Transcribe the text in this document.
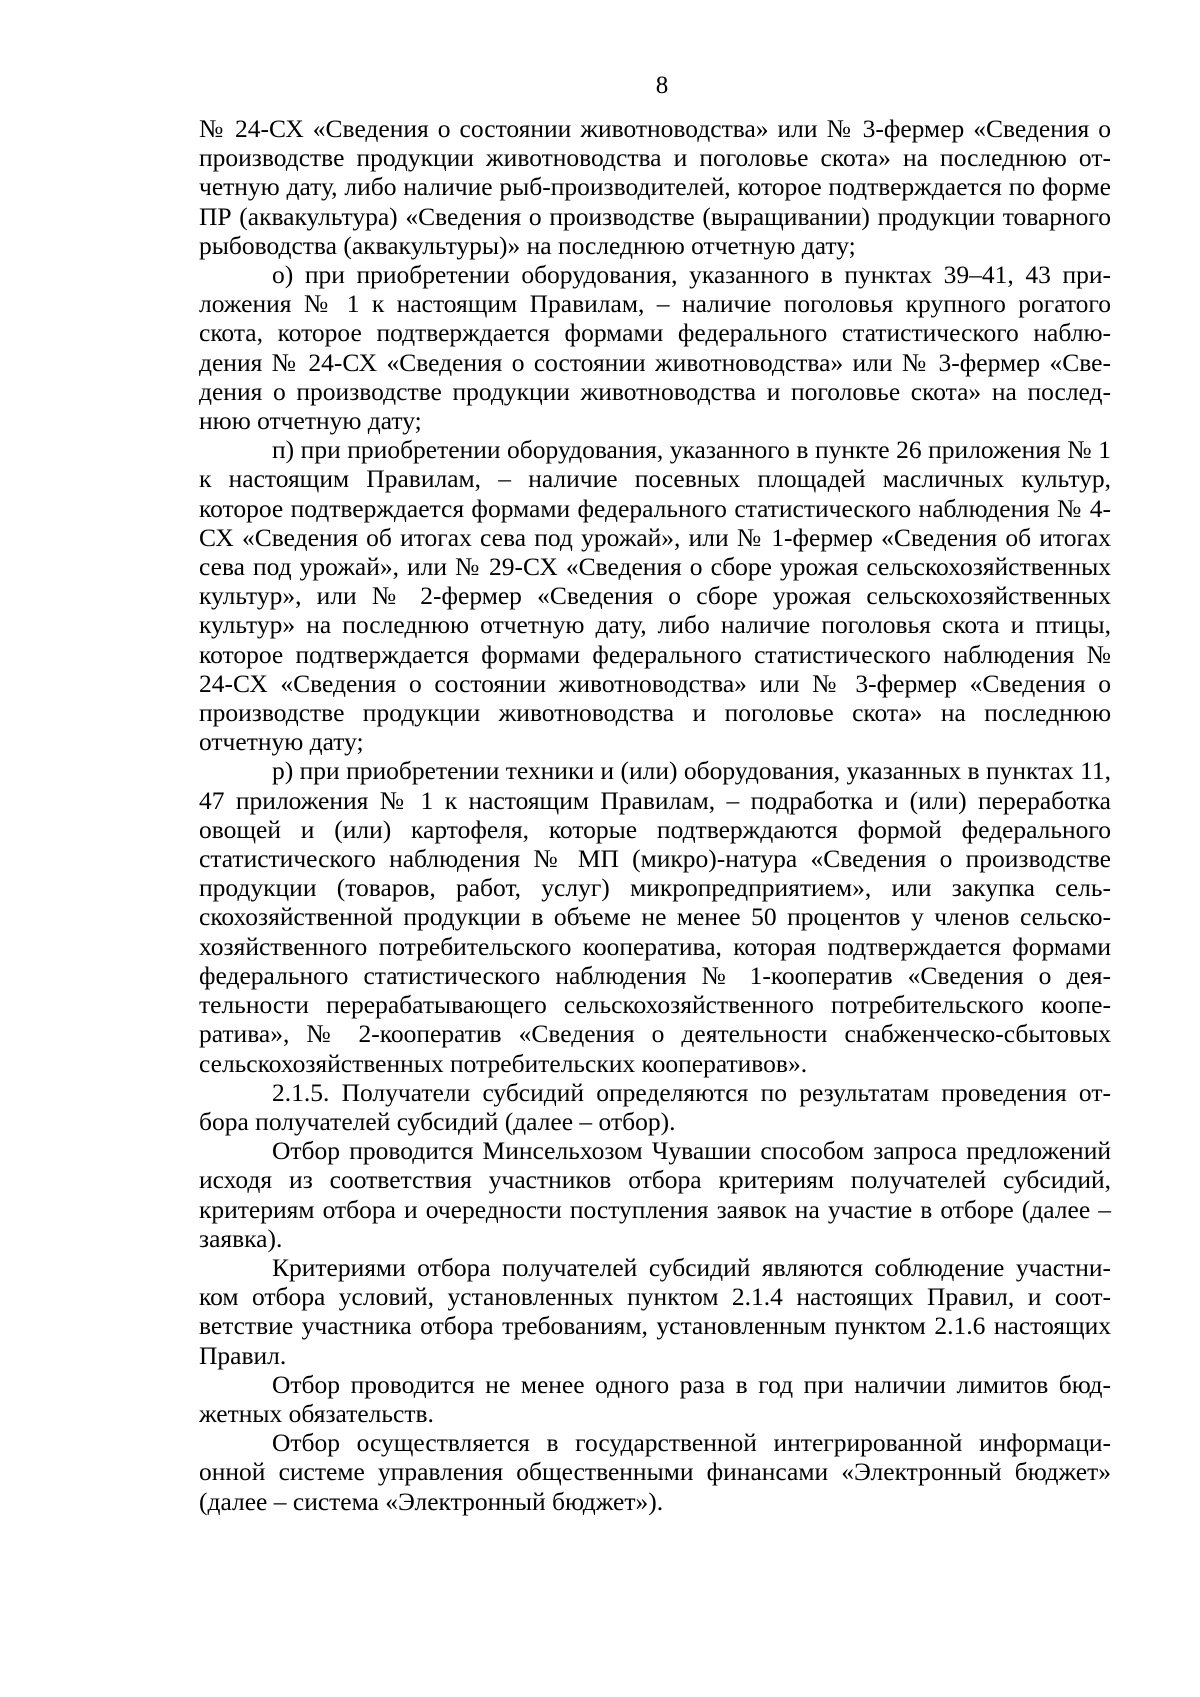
8

№ 24-СХ «Сведения о состоянии животноводства» или № 3-фермер «Сведения о производстве продукции животноводства и поголовье скота» на последнюю отчетную дату, либо наличие рыб-производителей, которое подтверждается по форме ПР (аквакультура) «Сведения о производстве (выращивании) продукции товарного рыбоводства (аквакультуры)» на последнюю отчетную дату;

о) при приобретении оборудования, указанного в пунктах 39–41, 43 приложения № 1 к настоящим Правилам, – наличие поголовья крупного рогатого скота, которое подтверждается формами федерального статистического наблюдения № 24-СХ «Сведения о состоянии животноводства» или № 3-фермер «Сведения о производстве продукции животноводства и поголовье скота» на последнюю отчетную дату;

п) при приобретении оборудования, указанного в пункте 26 приложения № 1 к настоящим Правилам, – наличие посевных площадей масличных культур, которое подтверждается формами федерального статистического наблюдения № 4-СХ «Сведения об итогах сева под урожай», или № 1-фермер «Сведения об итогах сева под урожай», или № 29-СХ «Сведения о сборе урожая сельскохозяйственных культур», или № 2-фермер «Сведения о сборе урожая сельскохозяйственных культур» на последнюю отчетную дату, либо наличие поголовья скота и птицы, которое подтверждается формами федерального статистического наблюдения № 24-СХ «Сведения о состоянии животноводства» или № 3-фермер «Сведения о производстве продукции животноводства и поголовье скота» на последнюю отчетную дату;

р) при приобретении техники и (или) оборудования, указанных в пунктах 11, 47 приложения № 1 к настоящим Правилам, – подработка и (или) переработка овощей и (или) картофеля, которые подтверждаются формой федерального статистического наблюдения № МП (микро)-натура «Сведения о производстве продукции (товаров, работ, услуг) микропредприятием», или закупка сельскохозяйственной продукции в объеме не менее 50 процентов у членов сельскохозяйственного потребительского кооператива, которая подтверждается формами федерального статистического наблюдения № 1-кооператив «Сведения о деятельности перерабатывающего сельскохозяйственного потребительского кооператива», № 2-кооператив «Сведения о деятельности снабженческо-сбытовых сельскохозяйственных потребительских кооперативов».

2.1.5. Получатели субсидий определяются по результатам проведения отбора получателей субсидий (далее – отбор).

Отбор проводится Минсельхозом Чувашии способом запроса предложений исходя из соответствия участников отбора критериям получателей субсидий, критериям отбора и очередности поступления заявок на участие в отборе (далее – заявка).

Критериями отбора получателей субсидий являются соблюдение участником отбора условий, установленных пунктом 2.1.4 настоящих Правил, и соответствие участника отбора требованиям, установленным пунктом 2.1.6 настоящих Правил.

Отбор проводится не менее одного раза в год при наличии лимитов бюджетных обязательств.

Отбор осуществляется в государственной интегрированной информационной системе управления общественными финансами «Электронный бюджет» (далее – система «Электронный бюджет»).
